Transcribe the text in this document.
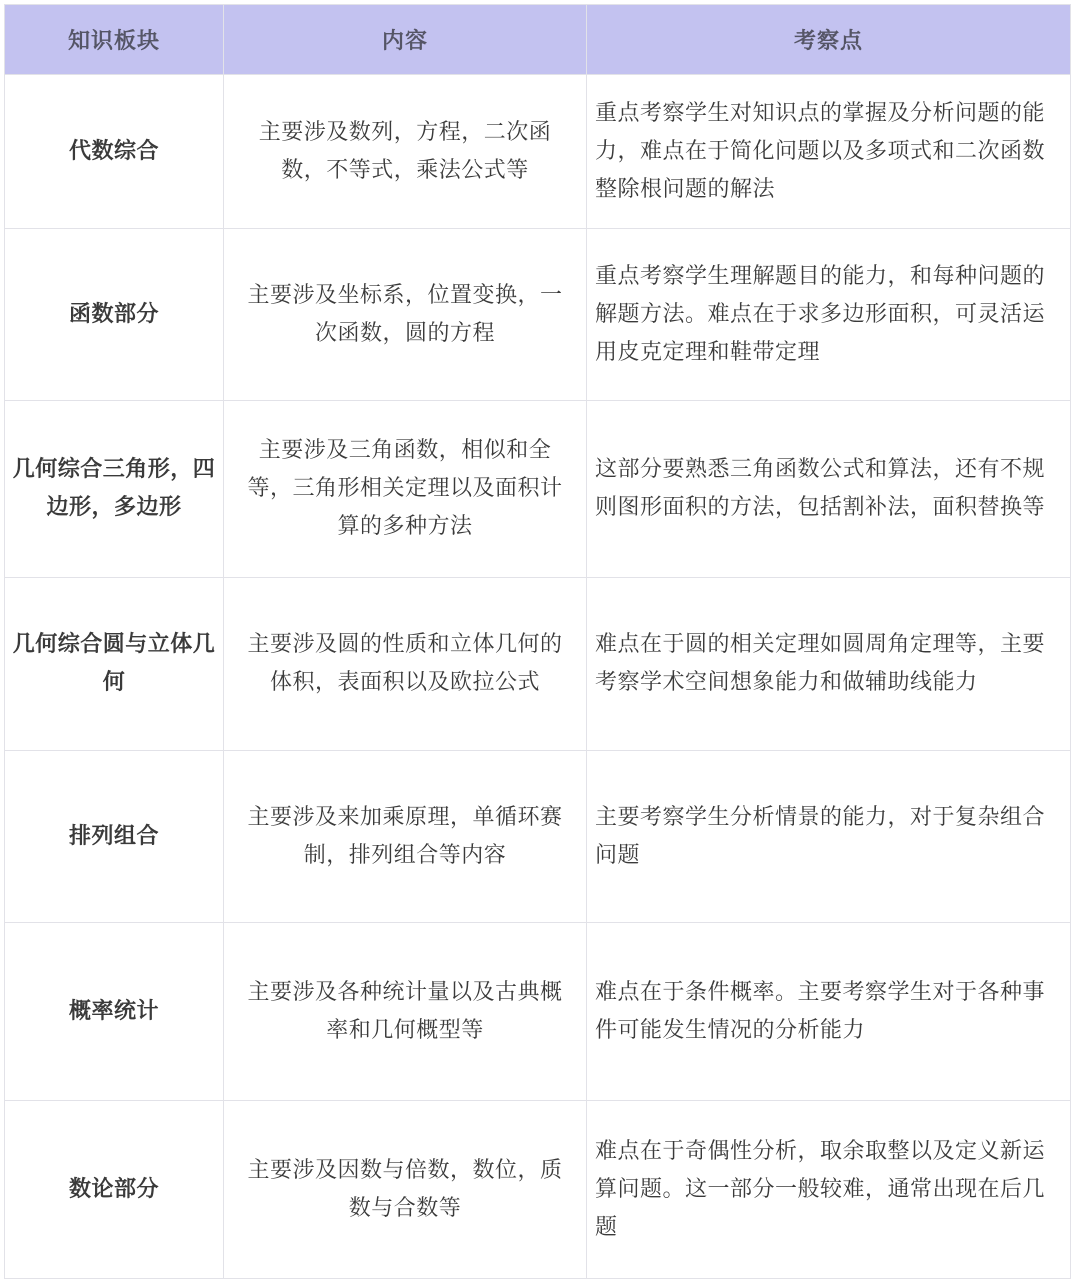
知识板块	内容	考察点
代数综合	主要涉及数列，方程，二次函数，不等式，乘法公式等	重点考察学生对知识点的掌握及分析问题的能力，难点在于简化问题以及多项式和二次函数整除根问题的解法
函数部分	主要涉及坐标系，位置变换，一次函数，圆的方程	重点考察学生理解题目的能力，和每种问题的解题方法。难点在于求多边形面积，可灵活运用皮克定理和鞋带定理
几何综合三角形，四边形，多边形	主要涉及三角函数，相似和全等，三角形相关定理以及面积计算的多种方法	这部分要熟悉三角函数公式和算法，还有不规则图形面积的方法，包括割补法，面积替换等
几何综合圆与立体几何	主要涉及圆的性质和立体几何的体积，表面积以及欧拉公式	难点在于圆的相关定理如圆周角定理等，主要考察学术空间想象能力和做辅助线能力
排列组合	主要涉及来加乘原理，单循环赛制，排列组合等内容	主要考察学生分析情景的能力，对于复杂组合问题
概率统计	主要涉及各种统计量以及古典概率和几何概型等	难点在于条件概率。主要考察学生对于各种事件可能发生情况的分析能力
数论部分	主要涉及因数与倍数，数位，质数与合数等	难点在于奇偶性分析，取余取整以及定义新运算问题。这一部分一般较难，通常出现在后几题
